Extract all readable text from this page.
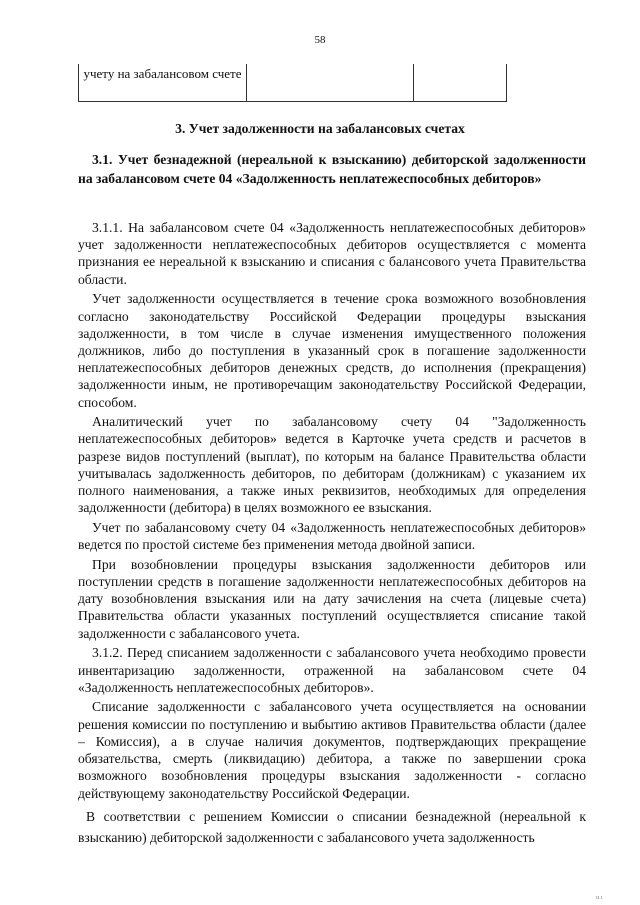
58
учету на забалансовом счете		
3. Учет задолженности на забалансовых счетах
3.1. Учет безнадежной (нереальной к взысканию) дебиторской задолженности на забалансовом счете 04 «Задолженность неплатежеспособных дебиторов»

3.1.1. На забалансовом счете 04 «Задолженность неплатежеспособных дебиторов» учет задолженности неплатежеспособных дебиторов осуществляется с момента признания ее нереальной к взысканию и списания с балансового учета Правительства области.

Учет задолженности осуществляется в течение срока возможного возобновления согласно законодательству Российской Федерации процедуры взыскания задолженности, в том числе в случае изменения имущественного положения должников, либо до поступления в указанный срок в погашение задолженности неплатежеспособных дебиторов денежных средств, до исполнения (прекращения) задолженности иным, не противоречащим законодательству Российской Федерации, способом.

Аналитический учет по забалансовому счету 04 "Задолженность неплатежеспособных дебиторов» ведется в Карточке учета средств и расчетов в разрезе видов поступлений (выплат), по которым на балансе Правительства области учитывалась задолженность дебиторов, по дебиторам (должникам) с указанием их полного наименования, а также иных реквизитов, необходимых для определения задолженности (дебитора) в целях возможного ее взыскания.

Учет по забалансовому счету 04 «Задолженность неплатежеспособных дебиторов» ведется по простой системе без применения метода двойной записи.

При возобновлении процедуры взыскания задолженности дебиторов или поступлении средств в погашение задолженности неплатежеспособных дебиторов на дату возобновления взыскания или на дату зачисления на счета (лицевые счета) Правительства области указанных поступлений осуществляется списание такой задолженности с забалансового учета.

3.1.2. Перед списанием задолженности с забалансового учета необходимо провести инвентаризацию задолженности, отраженной на забалансовом счете 04 «Задолженность неплатежеспособных дебиторов».

Списание задолженности с забалансового учета осуществляется на основании решения комиссии по поступлению и выбытию активов Правительства области (далее – Комиссия), а в случае наличия документов, подтверждающих прекращение обязательства, смерть (ликвидацию) дебитора, а также по завершении срока возможного возобновления процедуры взыскания задолженности - согласно действующему законодательству Российской Федерации.

В соответствии с решением Комиссии о списании безнадежной (нереальной к взысканию) дебиторской задолженности с забалансового учета задолженность

ıı ı
